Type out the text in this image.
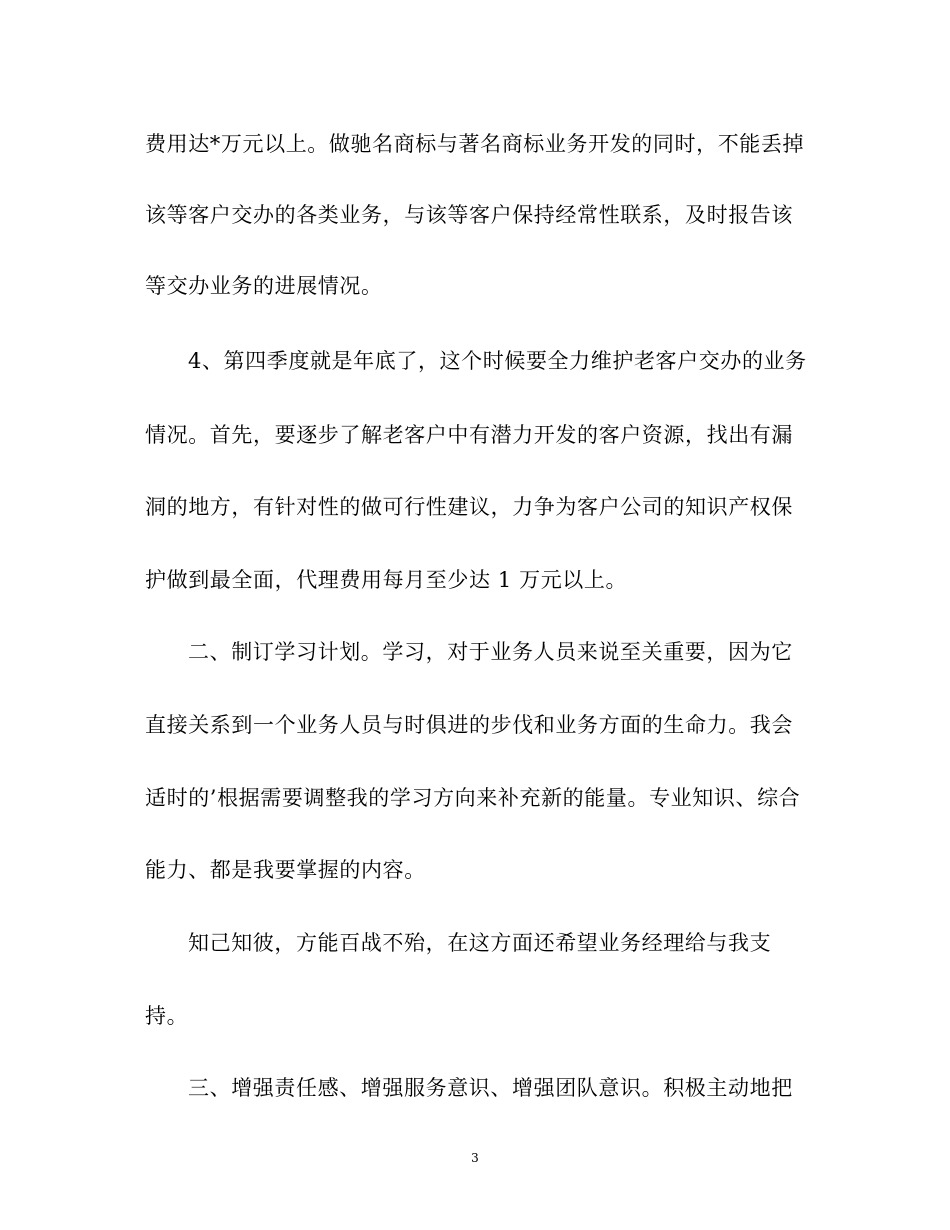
费用达*万元以上。做驰名商标与著名商标业务开发的同时，不能丢掉
该等客户交办的各类业务，与该等客户保持经常性联系，及时报告该
等交办业务的进展情况。
4、第四季度就是年底了，这个时候要全力维护老客户交办的业务
情况。首先，要逐步了解老客户中有潜力开发的客户资源，找出有漏
洞的地方，有针对性的做可行性建议，力争为客户公司的知识产权保
护做到最全面，代理费用每月至少达 1 万元以上。
二、制订学习计划。学习，对于业务人员来说至关重要，因为它
直接关系到一个业务人员与时俱进的步伐和业务方面的生命力。我会
适时的’根据需要调整我的学习方向来补充新的能量。专业知识、综合
能力、都是我要掌握的内容。
知己知彼，方能百战不殆，在这方面还希望业务经理给与我支
持。
三、增强责任感、增强服务意识、增强团队意识。积极主动地把
3
